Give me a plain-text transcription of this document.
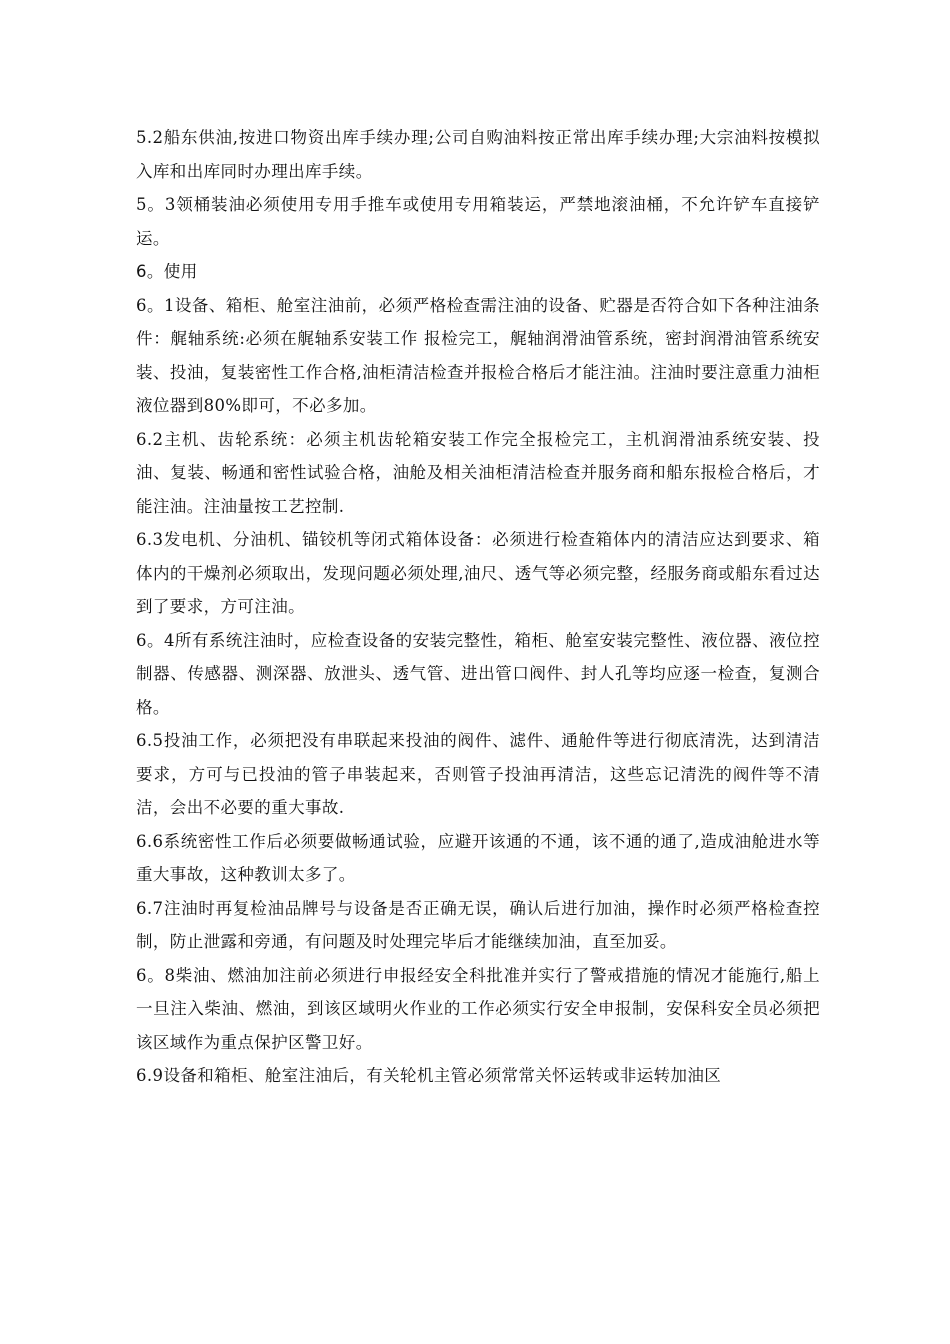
5.2船东供油,按进口物资出库手续办理;公司自购油料按正常出库手续办理;大宗油料按模拟入库和出库同时办理出库手续。

5。3领桶装油必须使用专用手推车或使用专用箱装运，严禁地滚油桶，不允许铲车直接铲运。

6。使用

6。1设备、箱柜、舱室注油前，必须严格检查需注油的设备、贮器是否符合如下各种注油条件：艉轴系统:必须在艉轴系安装工作 报检完工，艉轴润滑油管系统，密封润滑油管系统安装、投油，复装密性工作合格,油柜清洁检查并报检合格后才能注油。注油时要注意重力油柜液位器到80%即可，不必多加。

6.2主机、齿轮系统：必须主机齿轮箱安装工作完全报检完工，主机润滑油系统安装、投油、复装、畅通和密性试验合格，油舱及相关油柜清洁检查并服务商和船东报检合格后，才能注油。注油量按工艺控制.

6.3发电机、分油机、锚铰机等闭式箱体设备：必须进行检查箱体内的清洁应达到要求、箱体内的干燥剂必须取出，发现问题必须处理,油尺、透气等必须完整，经服务商或船东看过达到了要求，方可注油。

6。4所有系统注油时，应检查设备的安装完整性，箱柜、舱室安装完整性、液位器、液位控制器、传感器、测深器、放泄头、透气管、进出管口阀件、封人孔等均应逐一检查，复测合格。

6.5投油工作，必须把没有串联起来投油的阀件、滤件、通舱件等进行彻底清洗，达到清洁要求，方可与已投油的管子串装起来，否则管子投油再清洁，这些忘记清洗的阀件等不清洁，会出不必要的重大事故.

6.6系统密性工作后必须要做畅通试验，应避开该通的不通，该不通的通了,造成油舱进水等重大事故，这种教训太多了。

6.7注油时再复检油品牌号与设备是否正确无误，确认后进行加油，操作时必须严格检查控制，防止泄露和旁通，有问题及时处理完毕后才能继续加油，直至加妥。

6。8柴油、燃油加注前必须进行申报经安全科批准并实行了警戒措施的情况才能施行,船上一旦注入柴油、燃油，到该区域明火作业的工作必须实行安全申报制，安保科安全员必须把该区域作为重点保护区警卫好。

6.9设备和箱柜、舱室注油后，有关轮机主管必须常常关怀运转或非运转加油区
